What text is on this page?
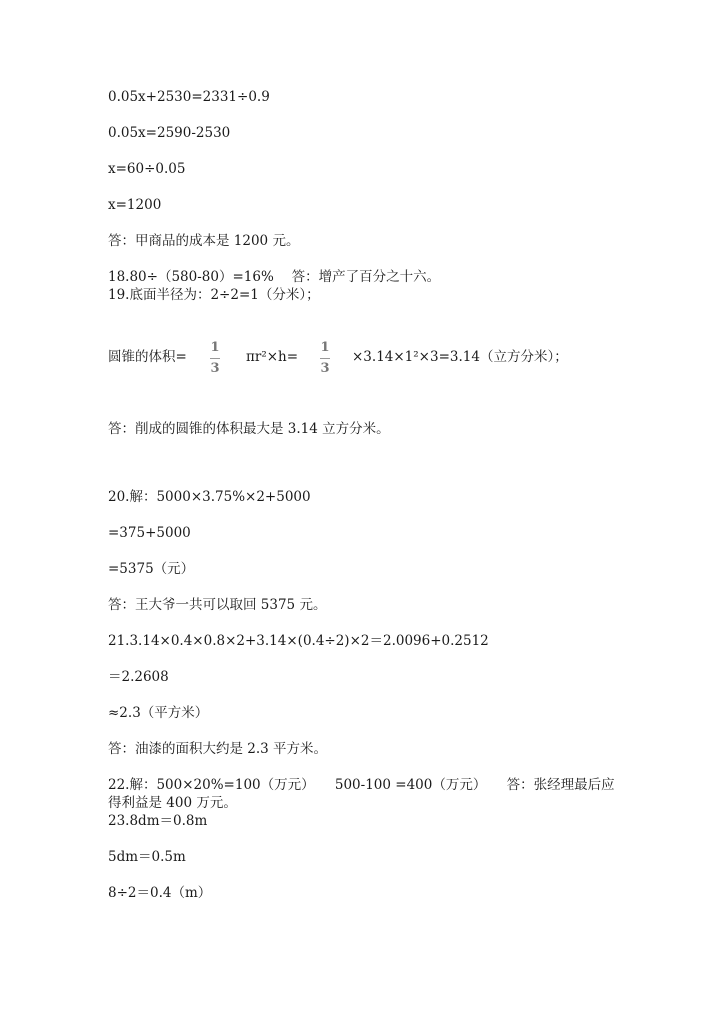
0.05x+2530=2331÷0.9
0.05x=2590-2530
x=60÷0.05
x=1200
答：甲商品的成本是 1200 元。
18.80÷（580-80）=16%　 答：增产了百分之十六。
19.底面半径为：2÷2=1（分米）；
圆锥的体积=
1
3
πr²×h=
1
3
×3.14×1²×3=3.14（立方分米）；
答：削成的圆锥的体积最大是 3.14 立方分米。
20.解：5000×3.75%×2+5000
=375+5000
=5375（元）
答：王大爷一共可以取回 5375 元。
21.3.14×0.4×0.8×2+3.14×(0.4÷2)×2＝2.0096+0.2512
＝2.2608
≈2.3（平方米）
答：油漆的面积大约是 2.3 平方米。
22.解：500×20%=100（万元）　　500-100 =400（万元）　　答：张经理最后应
得利益是 400 万元。
23.8dm＝0.8m
5dm＝0.5m
8÷2＝0.4（m）
